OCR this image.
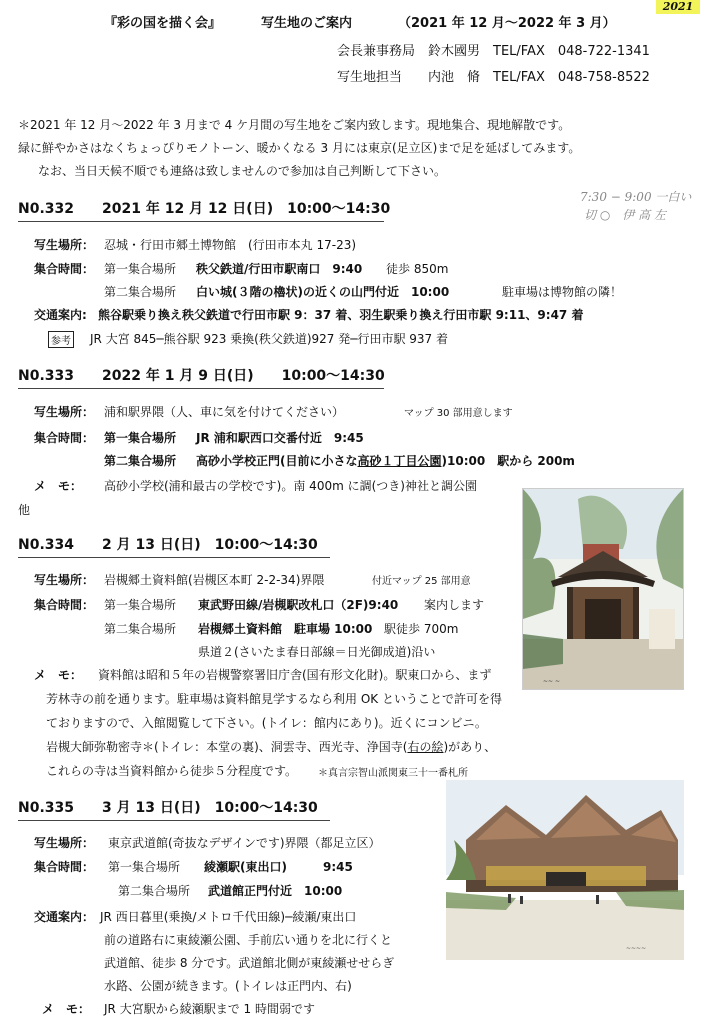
2021
『彩の国を描く会』	写生地のご案内	（2021 年 12 月〜2022 年 3 月）
会長兼事務局　鈴木國男　TEL/FAX　048-722-1341
写生地担当　　内池　脩　TEL/FAX　048-758-8522
＊2021 年 12 月〜2022 年 3 月まで 4 ケ月間の写生地をご案内致します。現地集合、現地解散です。
緑に鮮やかさはなくちょっぴりモノトーン、暖かくなる 3 月には東京(足立区)まで足を延ばしてみます。
なお、当日天候不順でも連絡は致しませんので参加は自己判断して下さい。
7:30 − 9:00 一白い
切 ○　伊 高 左
N0.332　　2021 年 12 月 12 日(日)　10:00〜14:30
写生場所： 忍城・行田市郷土博物館　(行田市本丸 17-23)
集合時間： 第一集合場所 秩父鉄道/行田市駅南口　9:40 徒歩 850m
第二集合場所 白い城(３階の櫓状)の近くの山門付近　10:00	駐車場は博物館の隣！
交通案内: 熊谷駅乗り換え秩父鉄道で行田市駅 9：37 着、羽生駅乗り換え行田市駅 9:11、9:47 着
参考 JR 大宮 845─熊谷駅 923 乗換(秩父鉄道)927 発─行田市駅 937 着
N0.333　　2022 年 1 月 9 日(日)　　10:00〜14:30
写生場所： 浦和駅界隈（人、車に気を付けてください）	マップ 30 部用意します
集合時間： 第一集合場所 JR 浦和駅西口交番付近　9:45
第二集合場所 高砂小学校正門(目前に小さな高砂１丁目公園)10:00　駅から 200m
メ　モ： 高砂小学校(浦和最古の学校です)。南 400m に調(つき)神社と調公園
他
N0.334　　2 月 13 日(日)　10:00〜14:30
写生場所： 岩槻郷土資料館(岩槻区本町 2-2-34)界隈	付近マップ 25 部用意
集合時間： 第一集合場所 東武野田線/岩槻駅改札口（2F)9:40 案内します
第二集合場所 岩槻郷土資料館　駐車場 10:00 駅徒歩 700m
県道２(さいたま春日部線＝日光御成道)沿い
メ　モ： 資料館は昭和５年の岩槻警察署旧庁舎(国有形文化財)。駅東口から、まず
芳林寺の前を通ります。駐車場は資料館見学するなら利用 OK ということで許可を得
ておりますので、入館閲覧して下さい。(トイレ：館内にあり)。近くにコンビニ。
岩槻大師弥勒密寺＊(トイレ：本堂の裏)、洞雲寺、西光寺、浄国寺(右の絵)があり、
これらの寺は当資料館から徒歩５分程度です。 ＊真言宗智山派関東三十一番札所
N0.335　　3 月 13 日(日)　10:00〜14:30
写生場所： 東京武道館(奇抜なデザインです)界隈（都足立区）
集合時間： 第一集合場所 綾瀬駅(東出口)　　　9:45
第二集合場所 武道館正門付近　10:00
交通案内： JR 西日暮里(乗換/メトロ千代田線)─綾瀬/東出口
前の道路右に東綾瀬公園、手前広い通りを北に行くと
武道館、徒歩 8 分です。武道館北側が東綾瀬せせらぎ
水路、公園が続きます。(トイレは正門内、右)
メ　モ： JR 大宮駅から綾瀬駅まで 1 時間弱です
~~ ~
~~~~
